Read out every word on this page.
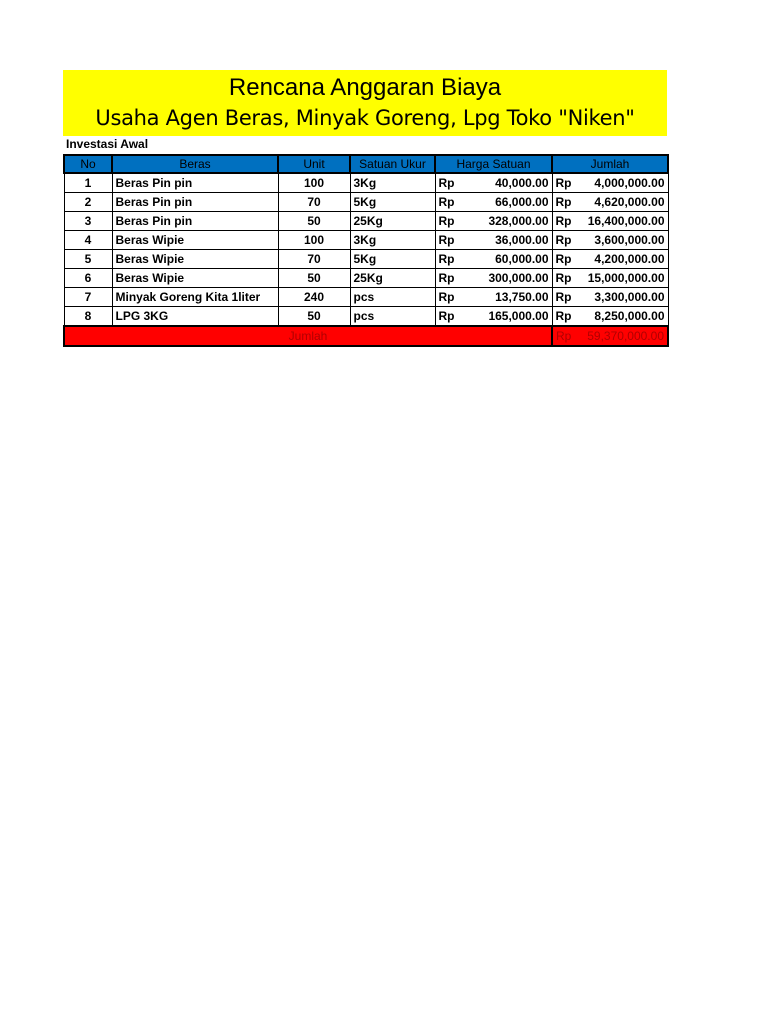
Rencana Anggaran Biaya
Usaha Agen Beras, Minyak Goreng, Lpg Toko "Niken"
Investasi Awal
No	Beras	Unit	Satuan Ukur	Harga Satuan	Jumlah
1	Beras Pin pin	100	3Kg	Rp 40,000.00	Rp 4,000,000.00

2	Beras Pin pin	70	5Kg	Rp 66,000.00	Rp 4,620,000.00

3	Beras Pin pin	50	25Kg	Rp 328,000.00	Rp 16,400,000.00

4	Beras Wipie	100	3Kg	Rp 36,000.00	Rp 3,600,000.00

5	Beras Wipie	70	5Kg	Rp 60,000.00	Rp 4,200,000.00

6	Beras Wipie	50	25Kg	Rp 300,000.00	Rp 15,000,000.00

7	Minyak Goreng Kita 1liter	240	pcs	Rp 13,750.00	Rp 3,300,000.00

8	LPG 3KG	50	pcs	Rp 165,000.00	Rp 8,250,000.00

Jumlah					Rp 59,370,000.00
